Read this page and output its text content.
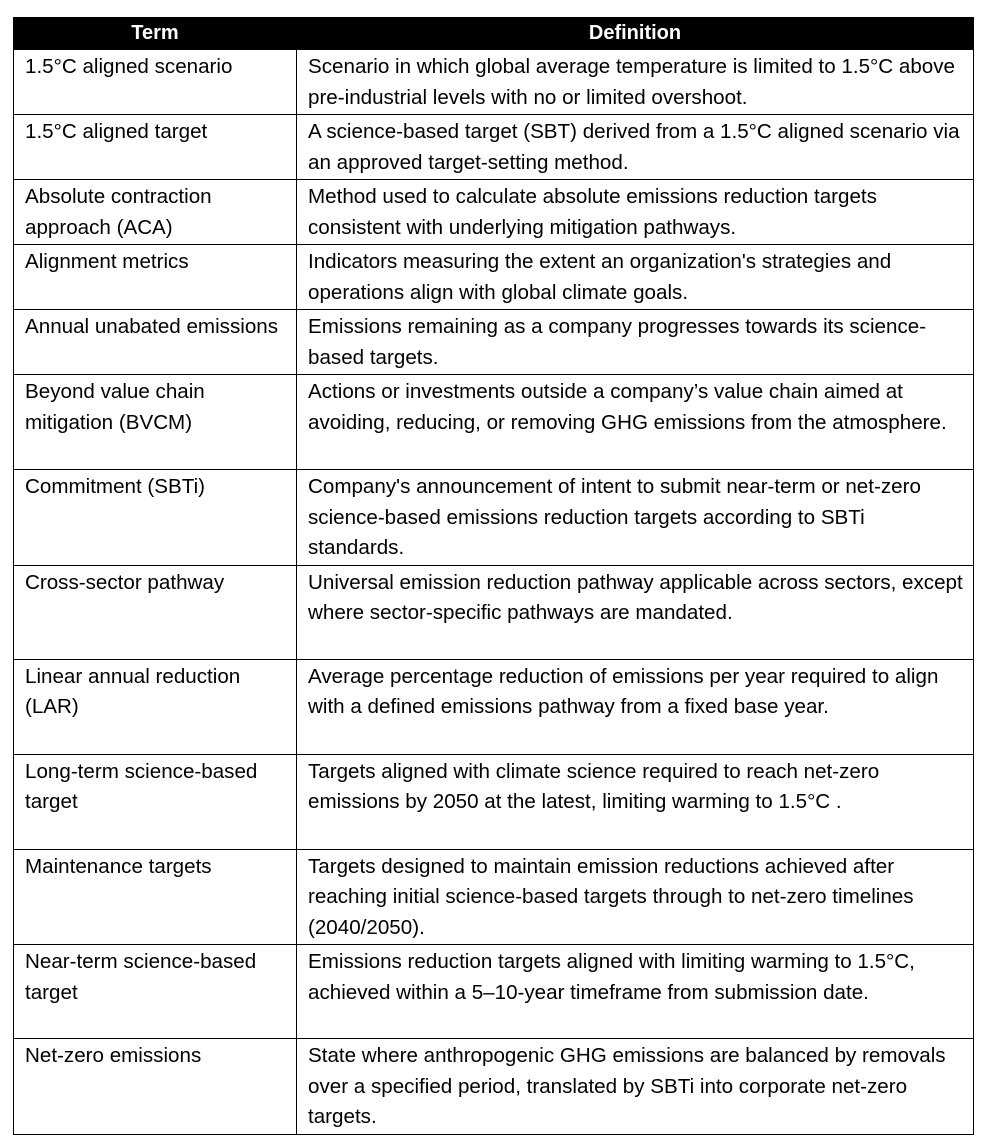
Term	Definition
1.5°C aligned scenario	Scenario in which global average temperature is limited to 1.5°C above pre-industrial levels with no or limited overshoot.
1.5°C aligned target	A science-based target (SBT) derived from a 1.5°C aligned scenario via an approved target-setting method.
Absolute contraction approach (ACA)	Method used to calculate absolute emissions reduction targets consistent with underlying mitigation pathways.
Alignment metrics	Indicators measuring the extent an organization's strategies and operations align with global climate goals.
Annual unabated emissions	Emissions remaining as a company progresses towards its science-based targets.
Beyond value chain mitigation (BVCM)	Actions or investments outside a company’s value chain aimed at avoiding, reducing, or removing GHG emissions from the atmosphere.
Commitment (SBTi)	Company's announcement of intent to submit near-term or net-zero science-based emissions reduction targets according to SBTi standards.
Cross-sector pathway	Universal emission reduction pathway applicable across sectors, except where sector-specific pathways are mandated.
Linear annual reduction (LAR)	Average percentage reduction of emissions per year required to align with a defined emissions pathway from a fixed base year.
Long-term science-based target	Targets aligned with climate science required to reach net-zero emissions by 2050 at the latest, limiting warming to 1.5°C .
Maintenance targets	Targets designed to maintain emission reductions achieved after reaching initial science-based targets through to net-zero timelines (2040/2050).
Near-term science-based target	Emissions reduction targets aligned with limiting warming to 1.5°C, achieved within a 5–10-year timeframe from submission date.
Net-zero emissions	State where anthropogenic GHG emissions are balanced by removals over a specified period, translated by SBTi into corporate net-zero targets.
